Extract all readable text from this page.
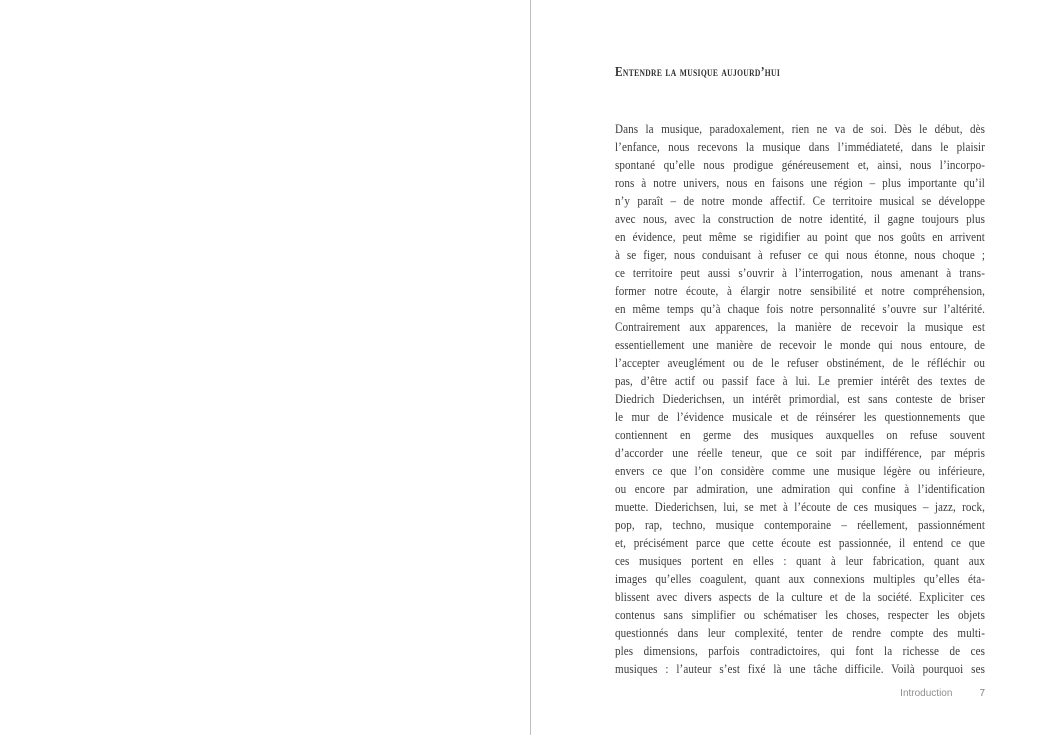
Entendre la musique aujourd’hui
Dans la musique, paradoxalement, rien ne va de soi. Dès le début, dès
l’enfance, nous recevons la musique dans l’immédiateté, dans le plaisir
spontané qu’elle nous prodigue généreusement et, ainsi, nous l’incorpo-
rons à notre univers, nous en faisons une région – plus importante qu’il
n’y paraît – de notre monde affectif. Ce territoire musical se développe
avec nous, avec la construction de notre identité, il gagne toujours plus
en évidence, peut même se rigidifier au point que nos goûts en arrivent
à se figer, nous conduisant à refuser ce qui nous étonne, nous choque ;
ce territoire peut aussi s’ouvrir à l’interrogation, nous amenant à trans-
former notre écoute, à élargir notre sensibilité et notre compréhension,
en même temps qu’à chaque fois notre personnalité s’ouvre sur l’altérité.
Contrairement aux apparences, la manière de recevoir la musique est
essentiellement une manière de recevoir le monde qui nous entoure, de
l’accepter aveuglément ou de le refuser obstinément, de le réfléchir ou
pas, d’être actif ou passif face à lui. Le premier intérêt des textes de
Diedrich Diederichsen, un intérêt primordial, est sans conteste de briser
le mur de l’évidence musicale et de réinsérer les questionnements que
contiennent en germe des musiques auxquelles on refuse souvent
d’accorder une réelle teneur, que ce soit par indifférence, par mépris
envers ce que l’on considère comme une musique légère ou inférieure,
ou encore par admiration, une admiration qui confine à l’identification
muette. Diederichsen, lui, se met à l’écoute de ces musiques – jazz, rock,
pop, rap, techno, musique contemporaine – réellement, passionnément
et, précisément parce que cette écoute est passionnée, il entend ce que
ces musiques portent en elles : quant à leur fabrication, quant aux
images qu’elles coagulent, quant aux connexions multiples qu’elles éta-
blissent avec divers aspects de la culture et de la société. Expliciter ces
contenus sans simplifier ou schématiser les choses, respecter les objets
questionnés dans leur complexité, tenter de rendre compte des multi-
ples dimensions, parfois contradictoires, qui font la richesse de ces
musiques : l’auteur s’est fixé là une tâche difficile. Voilà pourquoi ses
Introduction	7
